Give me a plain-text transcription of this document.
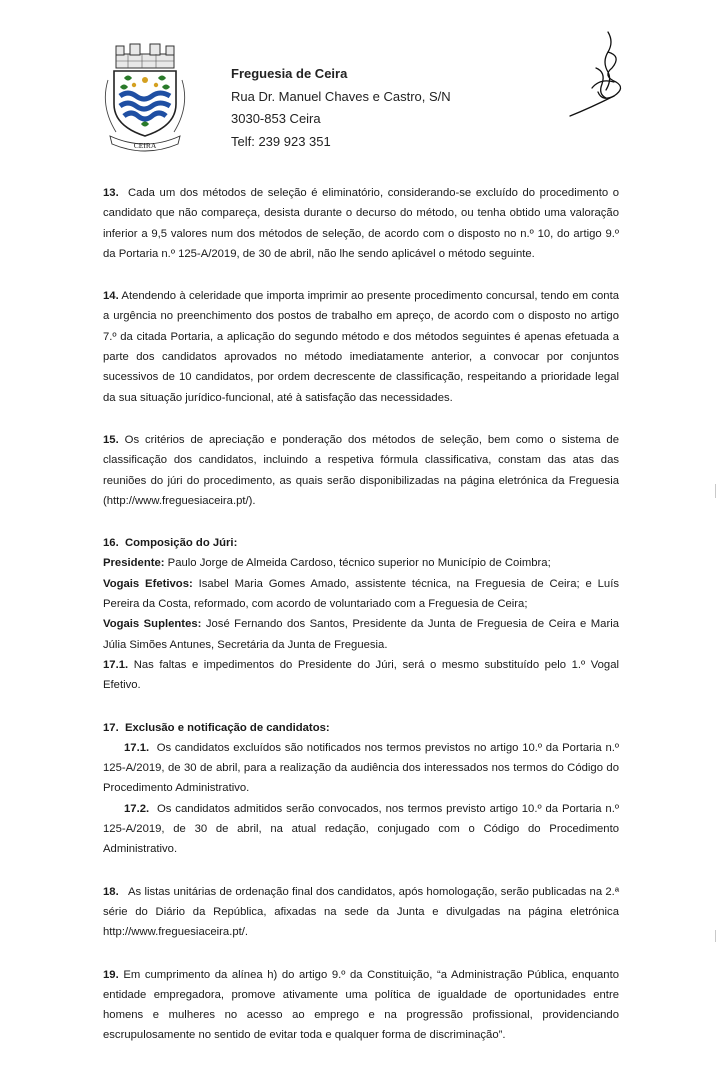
CEIRA
Freguesia de Ceira
Rua Dr. Manuel Chaves e Castro, S/N
3030-853 Ceira
Telf: 239 923 351

13. Cada um dos métodos de seleção é eliminatório, considerando-se excluído do procedimento o candidato que não compareça, desista durante o decurso do método, ou tenha obtido uma valoração inferior a 9,5 valores num dos métodos de seleção, de acordo com o disposto no n.º 10, do artigo 9.º da Portaria n.º 125-A/2019, de 30 de abril, não lhe sendo aplicável o método seguinte.

14. Atendendo à celeridade que importa imprimir ao presente procedimento concursal, tendo em conta a urgência no preenchimento dos postos de trabalho em apreço, de acordo com o disposto no artigo 7.º da citada Portaria, a aplicação do segundo método e dos métodos seguintes é apenas efetuada a parte dos candidatos aprovados no método imediatamente anterior, a convocar por conjuntos sucessivos de 10 candidatos, por ordem decrescente de classificação, respeitando a prioridade legal da sua situação jurídico-funcional, até à satisfação das necessidades.

15. Os critérios de apreciação e ponderação dos métodos de seleção, bem como o sistema de classificação dos candidatos, incluindo a respetiva fórmula classificativa, constam das atas das reuniões do júri do procedimento, as quais serão disponibilizadas na página eletrónica da Freguesia (http://www.freguesiaceira.pt/).

16.  Composição do Júri:

Presidente: Paulo Jorge de Almeida Cardoso, técnico superior no Município de Coimbra;

Vogais Efetivos: Isabel Maria Gomes Amado, assistente técnica, na Freguesia de Ceira; e Luís Pereira da Costa, reformado, com acordo de voluntariado com a Freguesia de Ceira;

Vogais Suplentes: José Fernando dos Santos, Presidente da Junta de Freguesia de Ceira e Maria Júlia Simões Antunes, Secretária da Junta de Freguesia.

17.1. Nas faltas e impedimentos do Presidente do Júri, será o mesmo substituído pelo 1.º Vogal Efetivo.

17.  Exclusão e notificação de candidatos:

17.1. Os candidatos excluídos são notificados nos termos previstos no artigo 10.º da Portaria n.º 125-A/2019, de 30 de abril, para a realização da audiência dos interessados nos termos do Código do Procedimento Administrativo.

17.2. Os candidatos admitidos serão convocados, nos termos previsto artigo 10.º da Portaria n.º 125-A/2019, de 30 de abril, na atual redação, conjugado com o Código do Procedimento Administrativo.

18. As listas unitárias de ordenação final dos candidatos, após homologação, serão publicadas na 2.ª série do Diário da República, afixadas na sede da Junta e divulgadas na página eletrónica http://www.freguesiaceira.pt/.

19. Em cumprimento da alínea h) do artigo 9.º da Constituição, “a Administração Pública, enquanto entidade empregadora, promove ativamente uma política de igualdade de oportunidades entre homens e mulheres no acesso ao emprego e na progressão profissional, providenciando escrupulosamente no sentido de evitar toda e qualquer forma de discriminação”.
